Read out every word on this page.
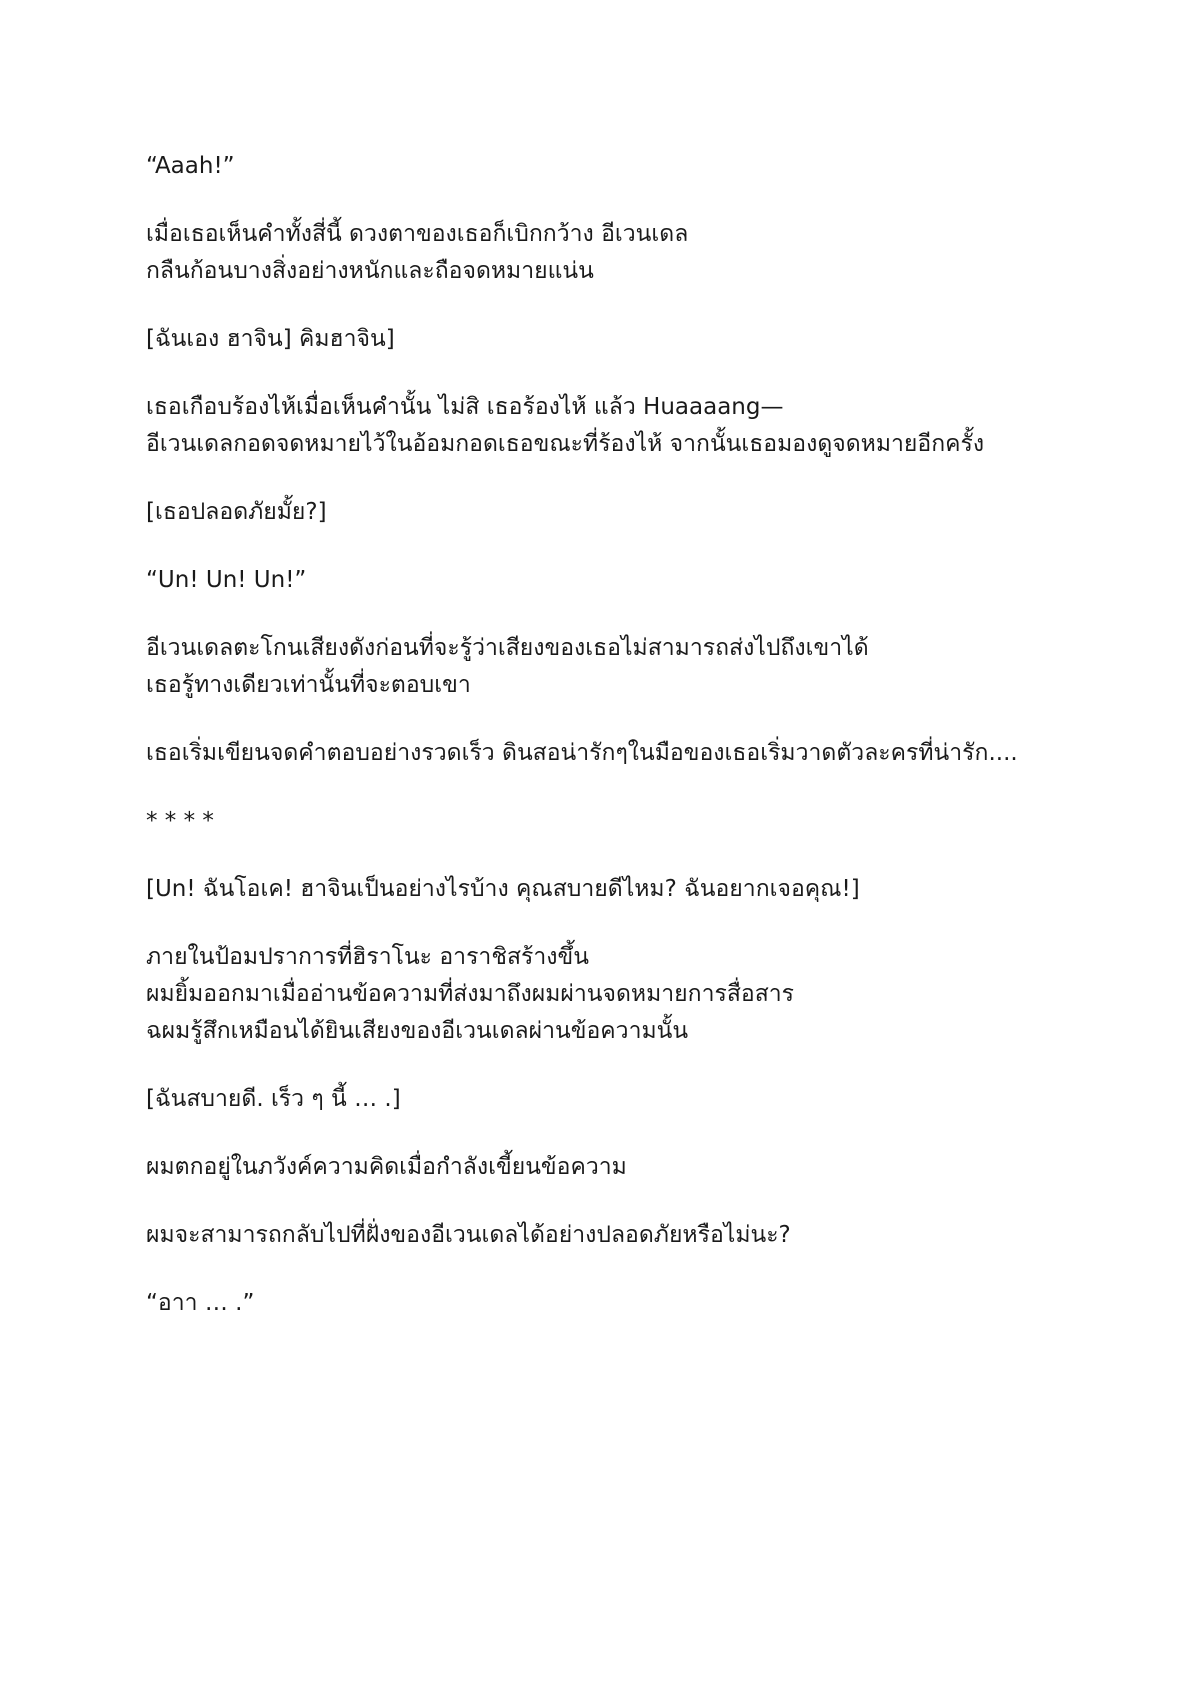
“Aaah!”

เมื่อเธอเห็นคำทั้งสี่นี้ ดวงตาของเธอก็เบิกกว้าง อีเวนเดล
กลืนก้อนบางสิ่งอย่างหนักและถือจดหมายแน่น

[ฉันเอง ฮาจิน] คิมฮาจิน]

เธอเกือบร้องไห้เมื่อเห็นคำนั้น ไม่สิ เธอร้องไห้ แล้ว Huaaaang—
อีเวนเดลกอดจดหมายไว้ในอ้อมกอดเธอขณะที่ร้องไห้ จากนั้นเธอมองดูจดหมายอีกครั้ง

[เธอปลอดภัยมั้ย?]

“Un! Un! Un!”

อีเวนเดลตะโกนเสียงดังก่อนที่จะรู้ว่าเสียงของเธอไม่สามารถส่งไปถึงเขาได้
เธอรู้ทางเดียวเท่านั้นที่จะตอบเขา

เธอเริ่มเขียนจดคำตอบอย่างรวดเร็ว ดินสอน่ารักๆในมือของเธอเริ่มวาดตัวละครที่น่ารัก....

* * * *

[Un! ฉันโอเค! ฮาจินเป็นอย่างไรบ้าง คุณสบายดีไหม? ฉันอยากเจอคุณ!]

ภายในป้อมปราการที่ฮิราโนะ อาราชิสร้างขึ้น
ผมยิ้มออกมาเมื่ออ่านข้อความที่ส่งมาถึงผมผ่านจดหมายการสื่อสาร
ฉผมรู้สึกเหมือนได้ยินเสียงของอีเวนเดลผ่านข้อความนั้น

[ฉันสบายดี. เร็ว ๆ นี้ … .]

ผมตกอยู่ในภวังค์ความคิดเมื่อกำลังเขี้ยนข้อความ

ผมจะสามารถกลับไปที่ฝั่งของอีเวนเดลได้อย่างปลอดภัยหรือไม่นะ?

“อาา … .”
